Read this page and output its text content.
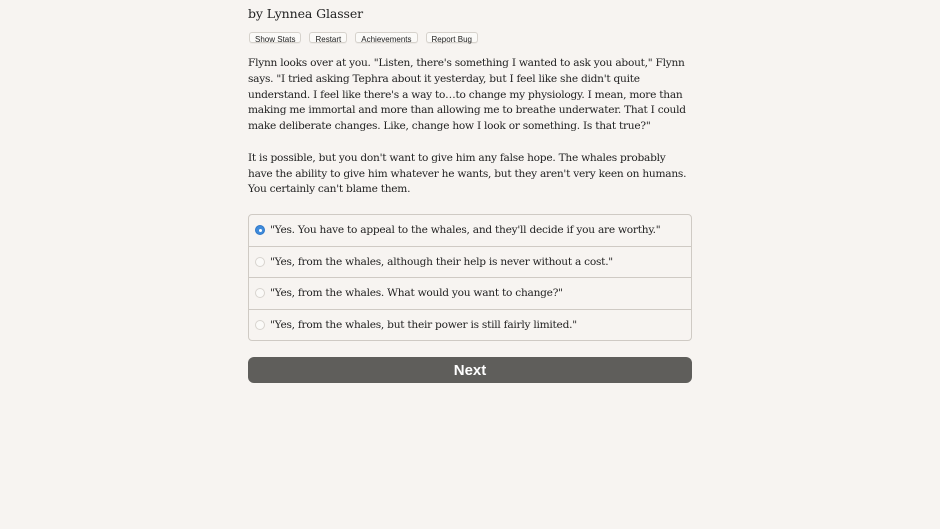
by Lynnea Glasser
Show Stats	Restart	Achievements	Report Bug

Flynn looks over at you. "Listen, there's something I wanted to ask you about," Flynn says. "I tried asking Tephra about it yesterday, but I feel like she didn't quite understand. I feel like there's a way to…to change my physiology. I mean, more than making me immortal and more than allowing me to breathe underwater. That I could make deliberate changes. Like, change how I look or something. Is that true?"

It is possible, but you don't want to give him any false hope. The whales probably have the ability to give him whatever he wants, but they aren't very keen on humans. You certainly can't blame them.

"Yes. You have to appeal to the whales, and they'll decide if you are worthy."
"Yes, from the whales, although their help is never without a cost."
"Yes, from the whales. What would you want to change?"
"Yes, from the whales, but their power is still fairly limited."
Next
